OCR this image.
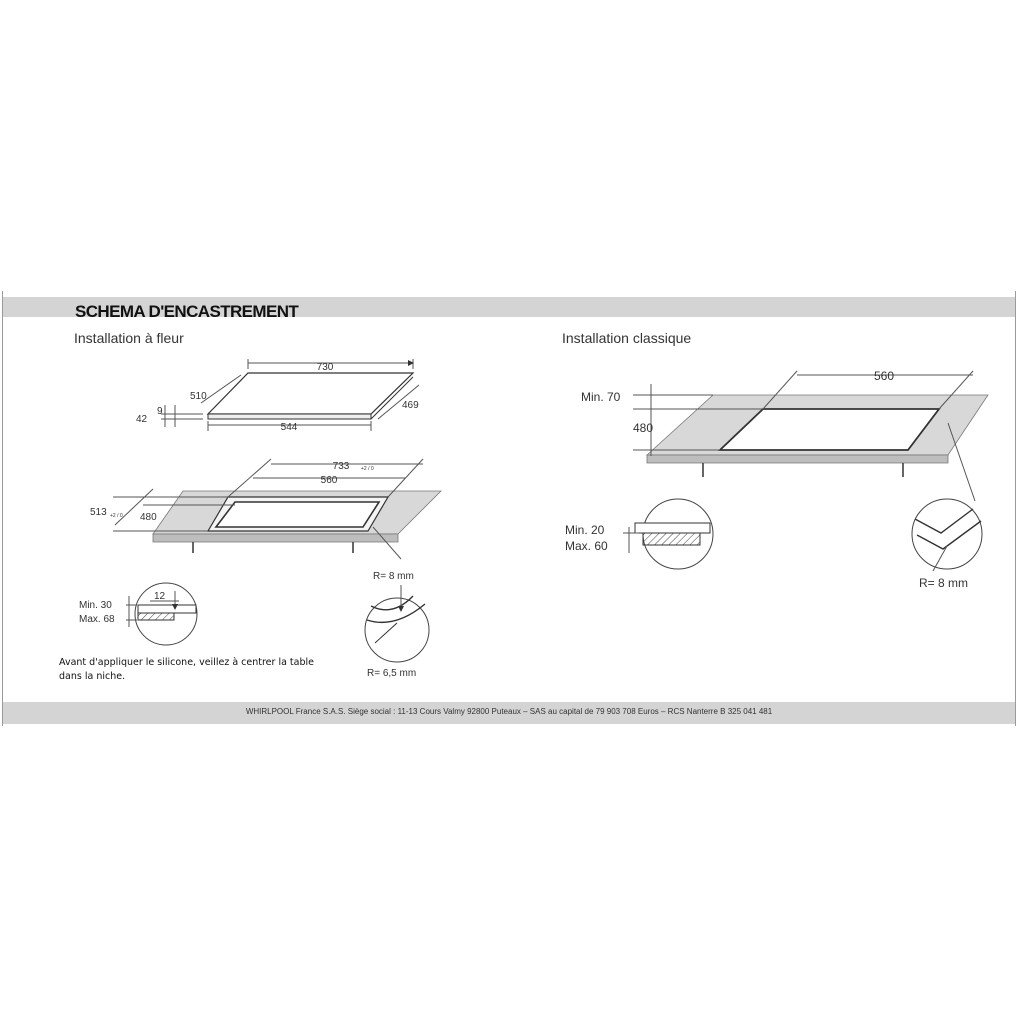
SCHEMA D'ENCASTREMENT
Installation à fleur	Installation classique
730
510
9
42
544
469
733 +2 / 0
560
513 +2 / 0 480
R= 8 mm
R= 6,5 mm
Min. 30
Max. 68
12
Min. 70
480
560
Min. 20
Max. 60
R= 8 mm
Avant d'appliquer le silicone, veillez à centrer la table dans la niche.
WHIRLPOOL France S.A.S. Siège social : 11-13 Cours Valmy 92800 Puteaux – SAS au capital de 79 903 708 Euros – RCS Nanterre B 325 041 481
